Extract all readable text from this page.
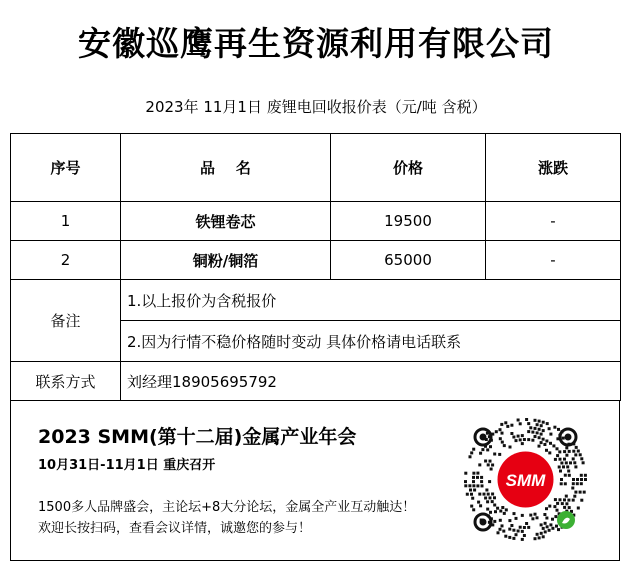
安徽巡鹰再生资源利用有限公司
2023年 11月1日 废锂电回收报价表（元/吨 含税）
序号	品    名	价格	涨跌
1	铁锂卷芯	19500	-
2	铜粉/铜箔	65000	-
备注	1.以上报价为含税报价		
	2.因为行情不稳价格随时变动 具体价格请电话联系		
联系方式	刘经理18905695792		
2023 SMM(第十二届)金属产业年会
10月31日-11月1日 重庆召开
1500多人品牌盛会，主论坛+8大分论坛，金属全产业互动触达！
欢迎长按扫码，查看会议详情，诚邀您的参与！
SMM
